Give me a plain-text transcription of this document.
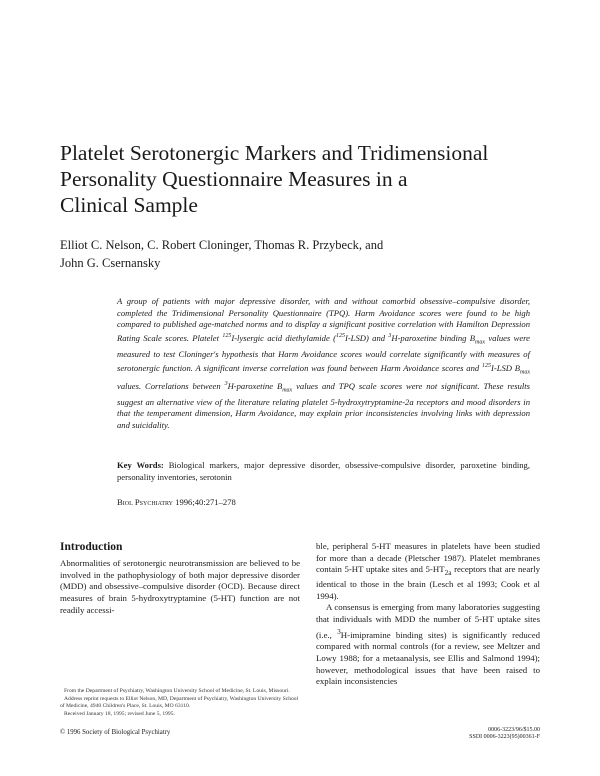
Platelet Serotonergic Markers and Tridimensional
Personality Questionnaire Measures in a
Clinical Sample
Elliot C. Nelson, C. Robert Cloninger, Thomas R. Przybeck, and
John G. Csernansky
A group of patients with major depressive disorder, with and without comorbid obsessive–compulsive disorder, completed the Tridimensional Personality Questionnaire (TPQ). Harm Avoidance scores were found to be high compared to published age-matched norms and to display a significant positive correlation with Hamilton Depression Rating Scale scores. Platelet $^{125}$I-lysergic acid diethylamide ($^{125}$I-LSD) and $^3$H-paroxetine binding $B_{max}$ values were measured to test Cloninger's hypothesis that Harm Avoidance scores would correlate significantly with measures of serotonergic function. A significant inverse correlation was found between Harm Avoidance scores and $^{125}$I-LSD $B_{max}$ values. Correlations between $^3$H-paroxetine $B_{max}$ values and TPQ scale scores were not significant. These results suggest an alternative view of the literature relating platelet 5-hydroxytryptamine-2a receptors and mood disorders in that the temperament dimension, Harm Avoidance, may explain prior inconsistencies involving links with depression and suicidality.
Key Words: Biological markers, major depressive disorder, obsessive-compulsive disorder, paroxetine binding, personality inventories, serotonin
Biol Psychiatry 1996;40:271–278
Introduction
Abnormalities of serotonergic neurotransmission are believed to be involved in the pathophysiology of both major depressive disorder (MDD) and obsessive–compulsive disorder (OCD). Because direct measures of brain 5-hydroxytryptamine (5-HT) function are not readily accessi-

ble, peripheral 5-HT measures in platelets have been studied for more than a decade (Pletscher 1987). Platelet membranes contain 5-HT uptake sites and $5-HT_{2a}$ receptors that are nearly identical to those in the brain (Lesch et al 1993; Cook et al 1994).

A consensus is emerging from many laboratories suggesting that individuals with MDD the number of 5-HT uptake sites (i.e., $^3$H-imipramine binding sites) is significantly reduced compared with normal controls (for a review, see Meltzer and Lowy 1988; for a metaanalysis, see Ellis and Salmond 1994); however, methodological issues that have been raised to explain inconsistencies

From the Department of Psychiatry, Washington University School of Medicine, St. Louis, Missouri.

Address reprint requests to Elliot Nelson, MD, Department of Psychiatry, Washington University School of Medicine, 4940 Children's Place, St. Louis, MO 63110.

Received January 18, 1995; revised June 5, 1995.

© 1996 Society of Biological Psychiatry	0006-3223/96/$15.00
SSDI 0006-3223(95)00361-F
